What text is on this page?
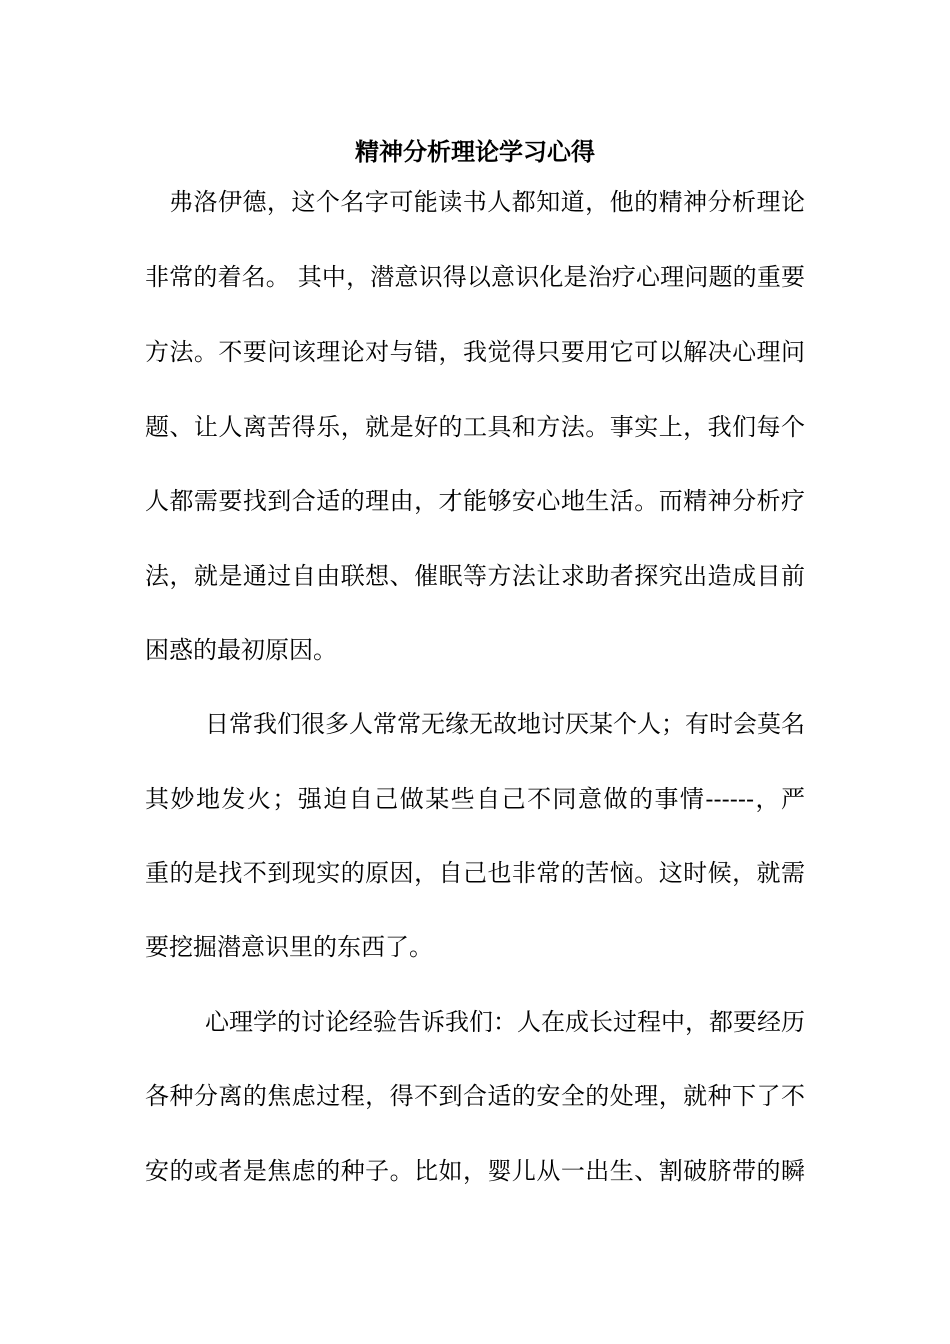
精神分析理论学习心得
弗洛伊德，这个名字可能读书人都知道，他的精神分析理论
非常的着名。 其中，潜意识得以意识化是治疗心理问题的重要
方法。不要问该理论对与错，我觉得只要用它可以解决心理问
题、让人离苦得乐，就是好的工具和方法。事实上，我们每个
人都需要找到合适的理由，才能够安心地生活。而精神分析疗
法，就是通过自由联想、催眠等方法让求助者探究出造成目前
困惑的最初原因。
日常我们很多人常常无缘无故地讨厌某个人；有时会莫名
其妙地发火；强迫自己做某些自己不同意做的事情------，严
重的是找不到现实的原因，自己也非常的苦恼。这时候，就需
要挖掘潜意识里的东西了。
心理学的讨论经验告诉我们：人在成长过程中，都要经历
各种分离的焦虑过程，得不到合适的安全的处理，就种下了不
安的或者是焦虑的种子。比如，婴儿从一出生、割破脐带的瞬
